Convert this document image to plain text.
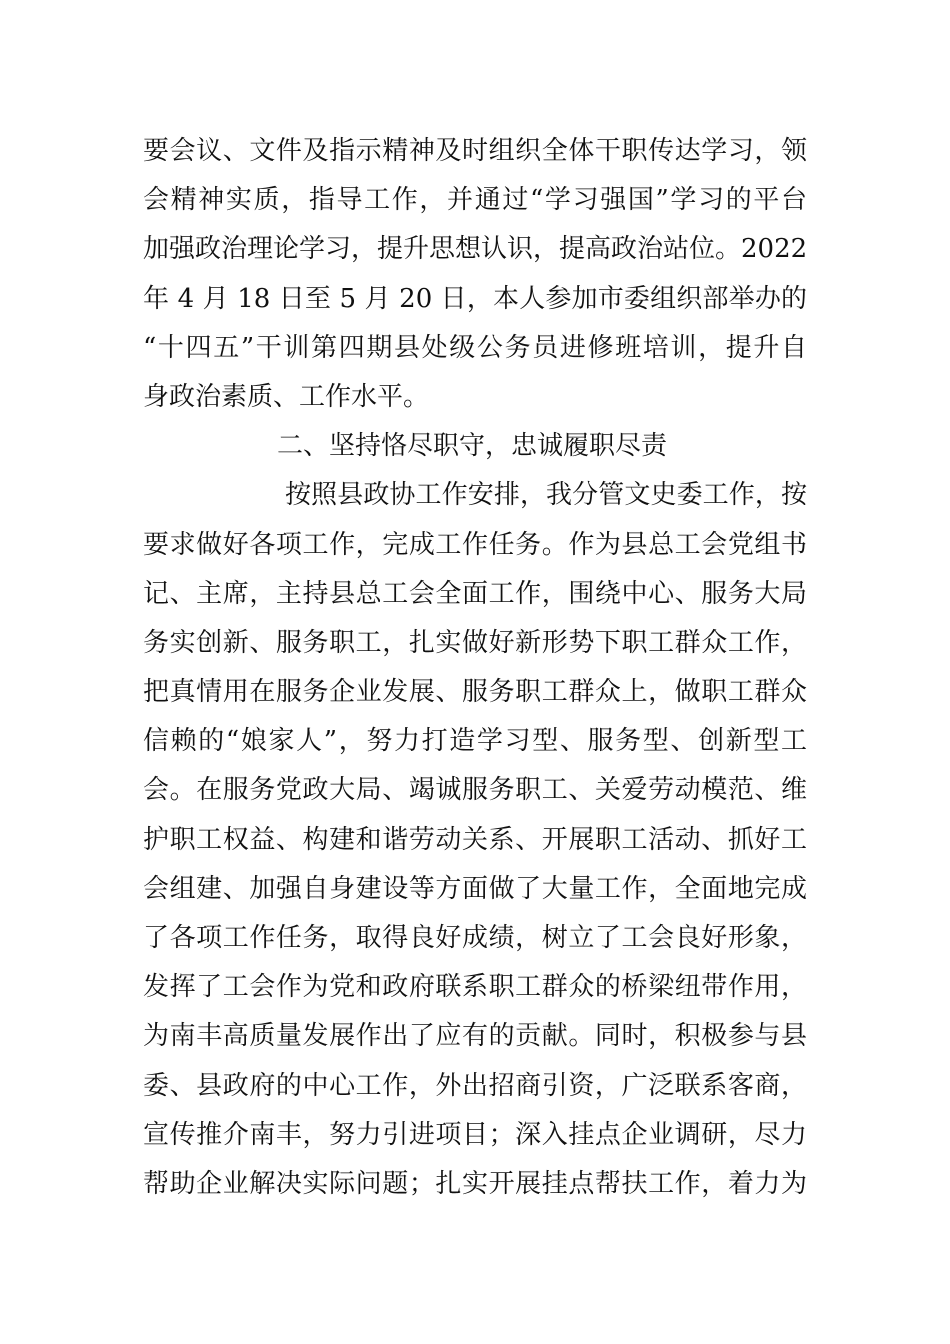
要会议、文件及指示精神及时组织全体干职传达学习，领
会精神实质，指导工作，并通过“学习强国”学习的平台
加强政治理论学习，提升思想认识，提高政治站位。2022
年 4 月 18 日至 5 月 20 日，本人参加市委组织部举办的
“十四五”干训第四期县处级公务员进修班培训，提升自
身政治素质、工作水平。
二、坚持恪尽职守，忠诚履职尽责
按照县政协工作安排，我分管文史委工作，按
要求做好各项工作，完成工作任务。作为县总工会党组书
记、主席，主持县总工会全面工作，围绕中心、服务大局
务实创新、服务职工，扎实做好新形势下职工群众工作，
把真情用在服务企业发展、服务职工群众上，做职工群众
信赖的“娘家人”，努力打造学习型、服务型、创新型工
会。在服务党政大局、竭诚服务职工、关爱劳动模范、维
护职工权益、构建和谐劳动关系、开展职工活动、抓好工
会组建、加强自身建设等方面做了大量工作，全面地完成
了各项工作任务，取得良好成绩，树立了工会良好形象，
发挥了工会作为党和政府联系职工群众的桥梁纽带作用，
为南丰高质量发展作出了应有的贡献。同时，积极参与县
委、县政府的中心工作，外出招商引资，广泛联系客商，
宣传推介南丰，努力引进项目；深入挂点企业调研，尽力
帮助企业解决实际问题；扎实开展挂点帮扶工作，着力为
